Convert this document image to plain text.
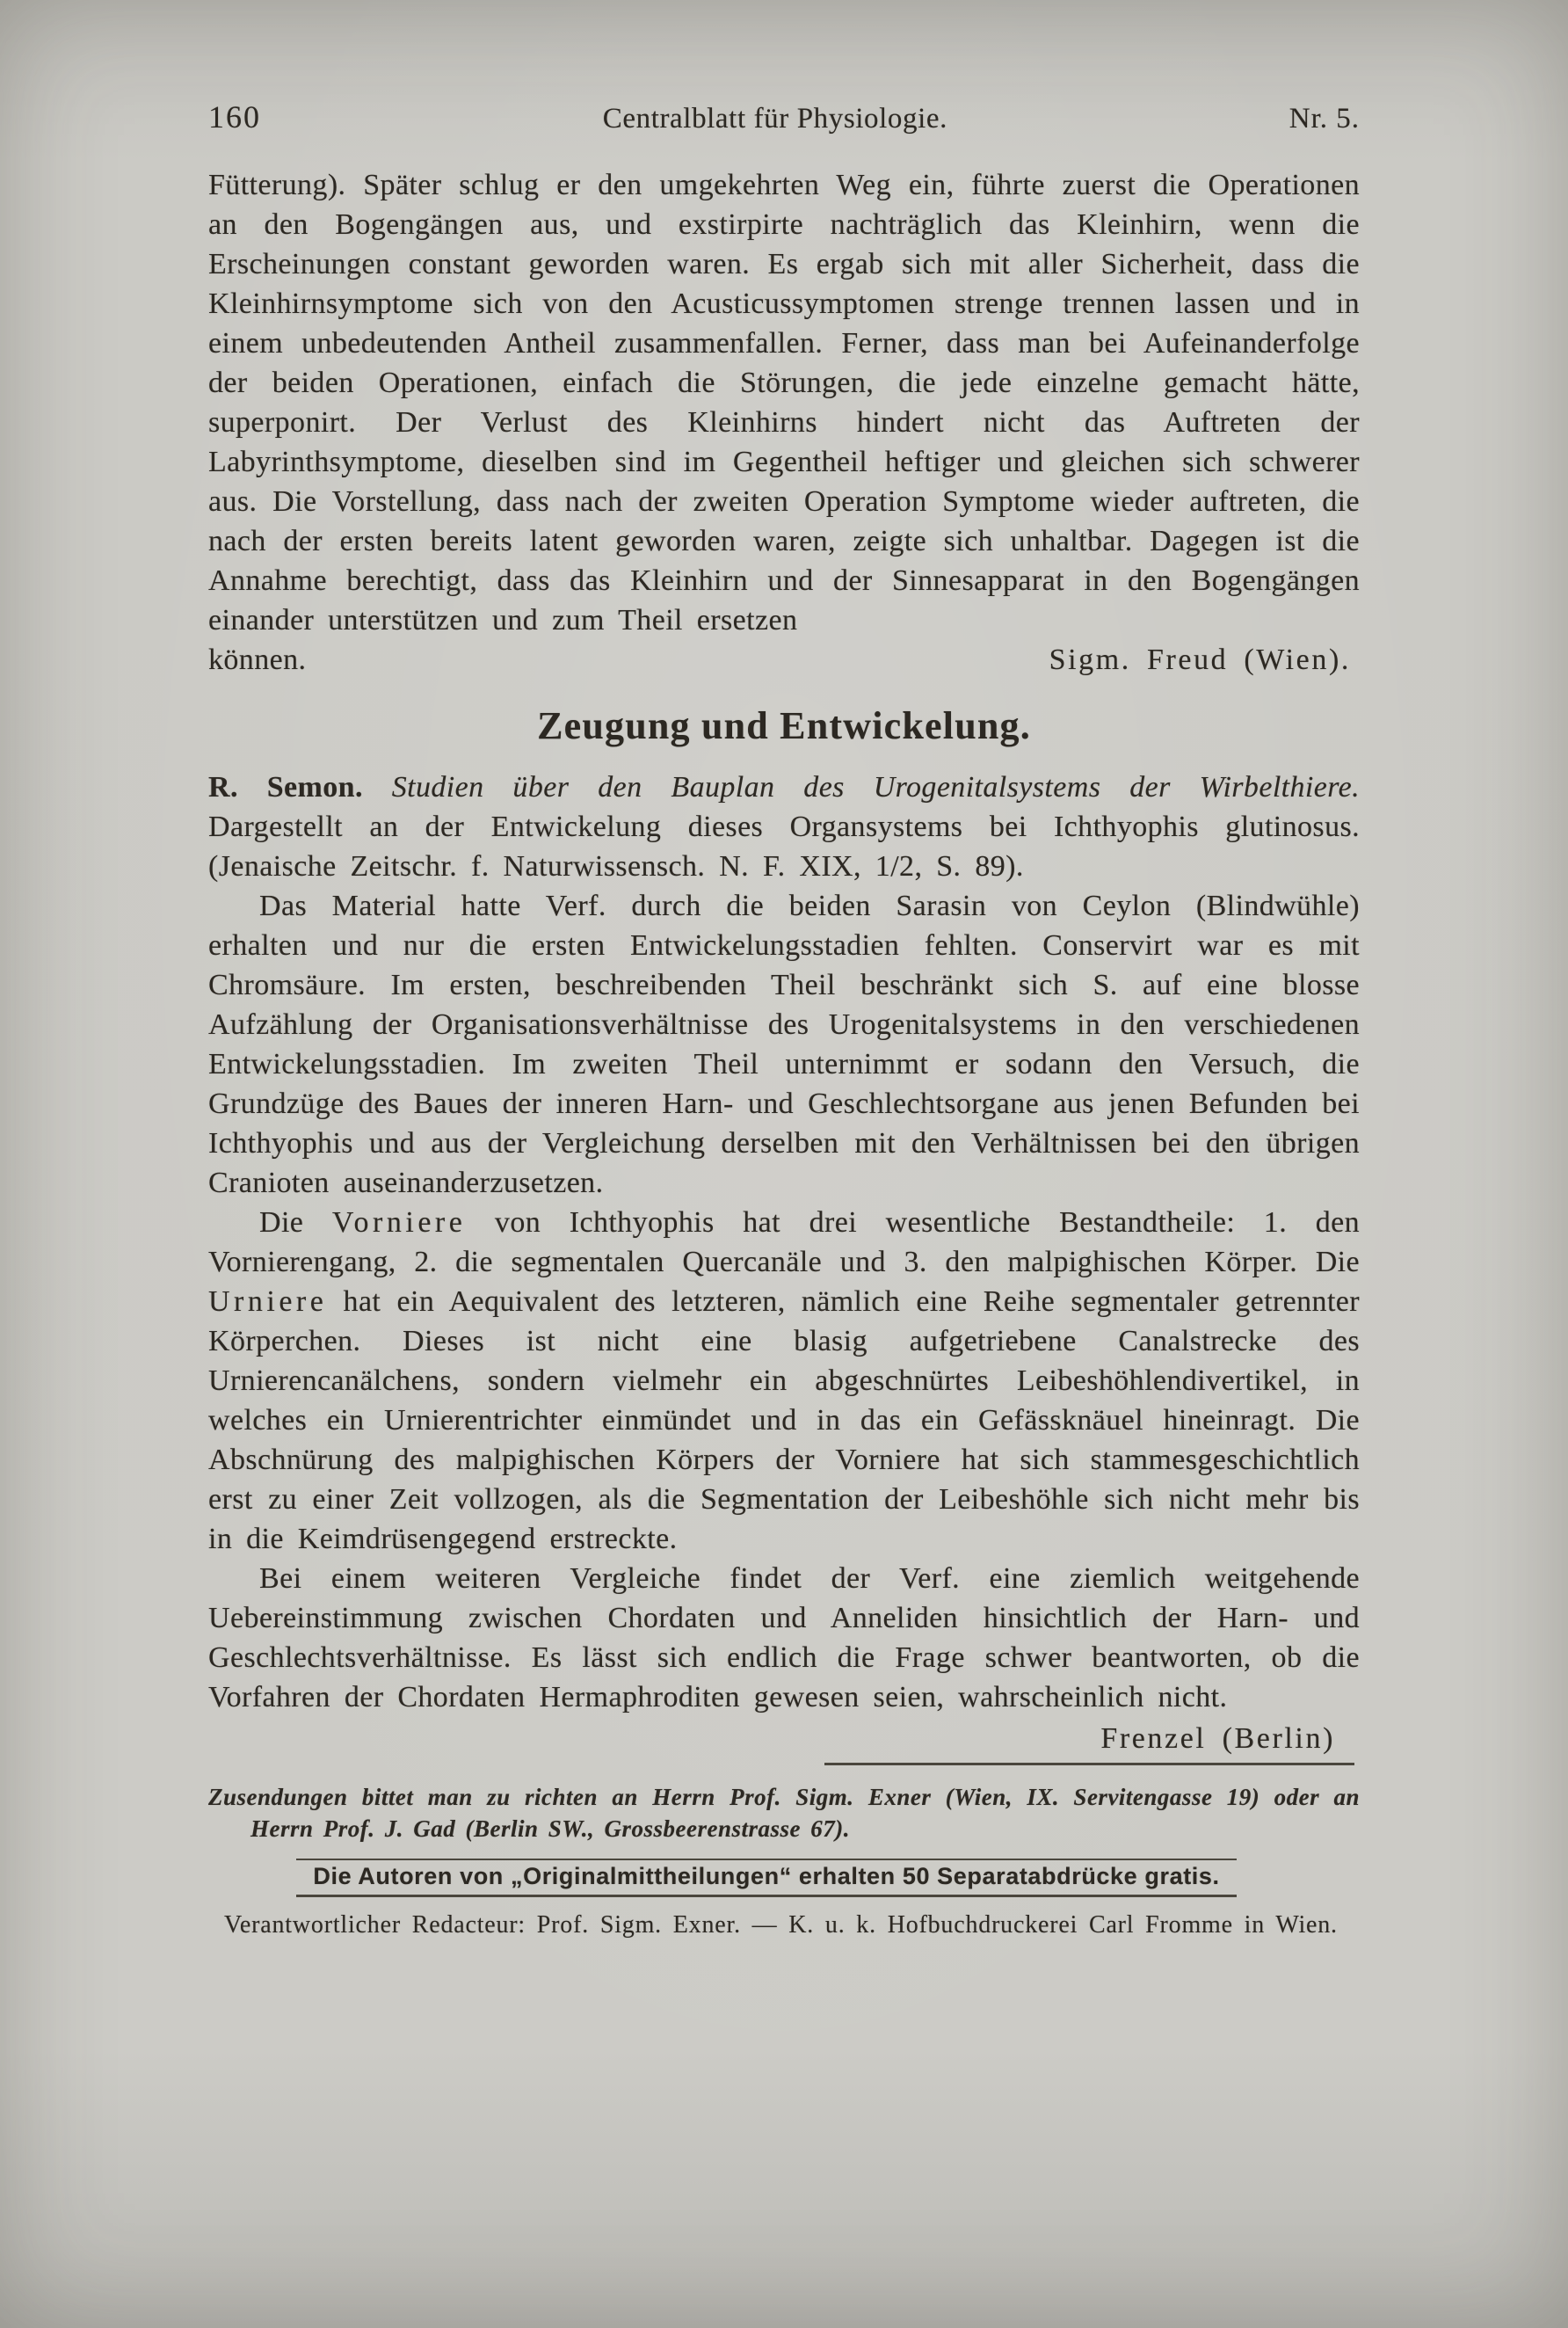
160	Centralblatt für Physiologie.	Nr. 5.

Fütterung). Später schlug er den umgekehrten Weg ein, führte zuerst die Operationen an den Bogengängen aus, und exstirpirte nachträglich das Kleinhirn, wenn die Erscheinungen constant geworden waren. Es ergab sich mit aller Sicherheit, dass die Kleinhirnsymptome sich von den Acusticussymptomen strenge trennen lassen und in einem unbedeutenden Antheil zusammenfallen. Ferner, dass man bei Aufeinanderfolge der beiden Operationen, einfach die Störungen, die jede einzelne gemacht hätte, superponirt. Der Verlust des Kleinhirns hindert nicht das Auftreten der Labyrinthsymptome, dieselben sind im Gegentheil heftiger und gleichen sich schwerer aus. Die Vorstellung, dass nach der zweiten Operation Symptome wieder auftreten, die nach der ersten bereits latent geworden waren, zeigte sich unhaltbar. Dagegen ist die Annahme berechtigt, dass das Kleinhirn und der Sinnesapparat in den Bogengängen einander unterstützen und zum Theil ersetzen

können.	Sigm. Freud (Wien).
Zeugung und Entwickelung.

R. Semon. Studien über den Bauplan des Urogenitalsystems der Wirbelthiere. Dargestellt an der Entwickelung dieses Organsystems bei Ichthyophis glutinosus. (Jenaische Zeitschr. f. Naturwissensch. N. F. XIX, 1/2, S. 89).

Das Material hatte Verf. durch die beiden Sarasin von Ceylon (Blindwühle) erhalten und nur die ersten Entwickelungsstadien fehlten. Conservirt war es mit Chromsäure. Im ersten, beschreibenden Theil beschränkt sich S. auf eine blosse Aufzählung der Organisationsverhältnisse des Urogenitalsystems in den verschiedenen Entwickelungsstadien. Im zweiten Theil unternimmt er sodann den Versuch, die Grundzüge des Baues der inneren Harn- und Geschlechtsorgane aus jenen Befunden bei Ichthyophis und aus der Vergleichung derselben mit den Verhältnissen bei den übrigen Cranioten auseinanderzusetzen.

Die Vorniere von Ichthyophis hat drei wesentliche Bestandtheile: 1. den Vornierengang, 2. die segmentalen Quercanäle und 3. den malpighischen Körper. Die Urniere hat ein Aequivalent des letzteren, nämlich eine Reihe segmentaler getrennter Körperchen. Dieses ist nicht eine blasig aufgetriebene Canalstrecke des Urnierencanälchens, sondern vielmehr ein abgeschnürtes Leibeshöhlendivertikel, in welches ein Urnierentrichter einmündet und in das ein Gefässknäuel hineinragt. Die Abschnürung des malpighischen Körpers der Vorniere hat sich stammesgeschichtlich erst zu einer Zeit vollzogen, als die Segmentation der Leibeshöhle sich nicht mehr bis in die Keimdrüsengegend erstreckte.

Bei einem weiteren Vergleiche findet der Verf. eine ziemlich weitgehende Uebereinstimmung zwischen Chordaten und Anneliden hinsichtlich der Harn- und Geschlechtsverhältnisse. Es lässt sich endlich die Frage schwer beantworten, ob die Vorfahren der Chordaten Hermaphroditen gewesen seien, wahrscheinlich nicht.

Frenzel (Berlin)

Zusendungen bittet man zu richten an Herrn Prof. Sigm. Exner (Wien, IX. Servitengasse 19) oder an Herrn Prof. J. Gad (Berlin SW., Grossbeerenstrasse 67).

Die Autoren von „Originalmittheilungen“ erhalten 50 Separatabdrücke gratis.
Verantwortlicher Redacteur: Prof. Sigm. Exner. — K. u. k. Hofbuchdruckerei Carl Fromme in Wien.
